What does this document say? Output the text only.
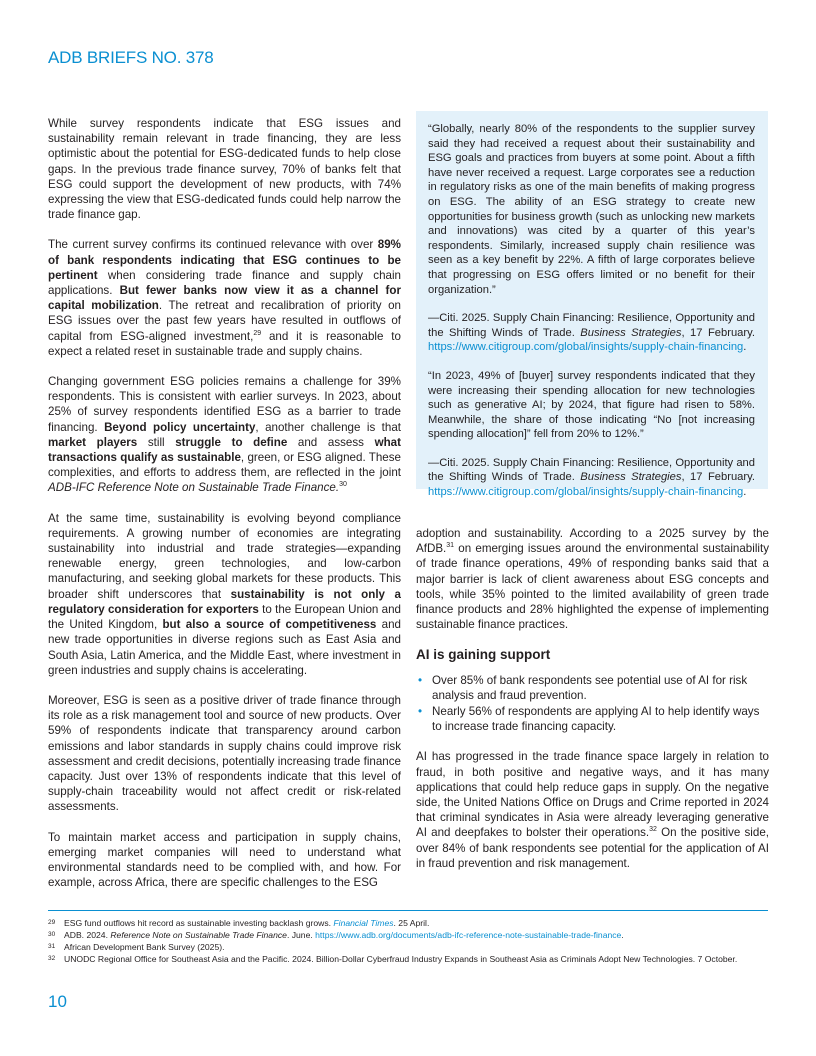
ADB BRIEFS NO. 378

While survey respondents indicate that ESG issues and sustainability remain relevant in trade financing, they are less optimistic about the potential for ESG-dedicated funds to help close gaps. In the previous trade finance survey, 70% of banks felt that ESG could support the development of new products, with 74% expressing the view that ESG-dedicated funds could help narrow the trade finance gap.

The current survey confirms its continued relevance with over 89% of bank respondents indicating that ESG continues to be pertinent when considering trade finance and supply chain applications. But fewer banks now view it as a channel for capital mobilization. The retreat and recalibration of priority on ESG issues over the past few years have resulted in outflows of capital from ESG-aligned investment,$^{29}$ and it is reasonable to expect a related reset in sustainable trade and supply chains.

Changing government ESG policies remains a challenge for 39% respondents. This is consistent with earlier surveys. In 2023, about 25% of survey respondents identified ESG as a barrier to trade financing. Beyond policy uncertainty, another challenge is that market players still struggle to define and assess what transactions qualify as sustainable, green, or ESG aligned. These complexities, and efforts to address them, are reflected in the joint ADB-IFC Reference Note on Sustainable Trade Finance.$^{30}$

At the same time, sustainability is evolving beyond compliance requirements. A growing number of economies are integrating sustainability into industrial and trade strategies—expanding renewable energy, green technologies, and low-carbon manufacturing, and seeking global markets for these products. This broader shift underscores that sustainability is not only a regulatory consideration for exporters to the European Union and the United Kingdom, but also a source of competitiveness and new trade opportunities in diverse regions such as East Asia and South Asia, Latin America, and the Middle East, where investment in green industries and supply chains is accelerating.

Moreover, ESG is seen as a positive driver of trade finance through its role as a risk management tool and source of new products. Over 59% of respondents indicate that transparency around carbon emissions and labor standards in supply chains could improve risk assessment and credit decisions, potentially increasing trade finance capacity. Just over 13% of respondents indicate that this level of supply-chain traceability would not affect credit or risk-related assessments.

To maintain market access and participation in supply chains, emerging market companies will need to understand what environmental standards need to be complied with, and how. For example, across Africa, there are specific challenges to the ESG

“Globally, nearly 80% of the respondents to the supplier survey said they had received a request about their sustainability and ESG goals and practices from buyers at some point. About a fifth have never received a request. Large corporates see a reduction in regulatory risks as one of the main benefits of making progress on ESG. The ability of an ESG strategy to create new opportunities for business growth (such as unlocking new markets and innovations) was cited by a quarter of this year’s respondents. Similarly, increased supply chain resilience was seen as a key benefit by 22%. A fifth of large corporates believe that progressing on ESG offers limited or no benefit for their organization.”

—Citi. 2025. Supply Chain Financing: Resilience, Opportunity and the Shifting Winds of Trade. Business Strategies, 17 February. https://www.citigroup.com/global/insights/supply-chain-financing.

“In 2023, 49% of [buyer] survey respondents indicated that they were increasing their spending allocation for new technologies such as generative AI; by 2024, that figure had risen to 58%. Meanwhile, the share of those indicating “No [not increasing spending allocation]” fell from 20% to 12%.”

—Citi. 2025. Supply Chain Financing: Resilience, Opportunity and the Shifting Winds of Trade. Business Strategies, 17 February. https://www.citigroup.com/global/insights/supply-chain-financing.

adoption and sustainability. According to a 2025 survey by the AfDB.$^{31}$ on emerging issues around the environmental sustainability of trade finance operations, 49% of responding banks said that a major barrier is lack of client awareness about ESG concepts and tools, while 35% pointed to the limited availability of green trade finance products and 28% highlighted the expense of implementing sustainable finance practices.

AI is gaining support
• Over 85% of bank respondents see potential use of AI for risk analysis and fraud prevention.
• Nearly 56% of respondents are applying AI to help identify ways to increase trade financing capacity.

AI has progressed in the trade finance space largely in relation to fraud, in both positive and negative ways, and it has many applications that could help reduce gaps in supply. On the negative side, the United Nations Office on Drugs and Crime reported in 2024 that criminal syndicates in Asia were already leveraging generative AI and deepfakes to bolster their operations.$^{32}$ On the positive side, over 84% of bank respondents see potential for the application of AI in fraud prevention and risk management.

29 ESG fund outflows hit record as sustainable investing backlash grows. Financial Times. 25 April.
30 ADB. 2024. Reference Note on Sustainable Trade Finance. June. https://www.adb.org/documents/adb-ifc-reference-note-sustainable-trade-finance.
31 African Development Bank Survey (2025).
32 UNODC Regional Office for Southeast Asia and the Pacific. 2024. Billion-Dollar Cyberfraud Industry Expands in Southeast Asia as Criminals Adopt New Technologies. 7 October.
10
